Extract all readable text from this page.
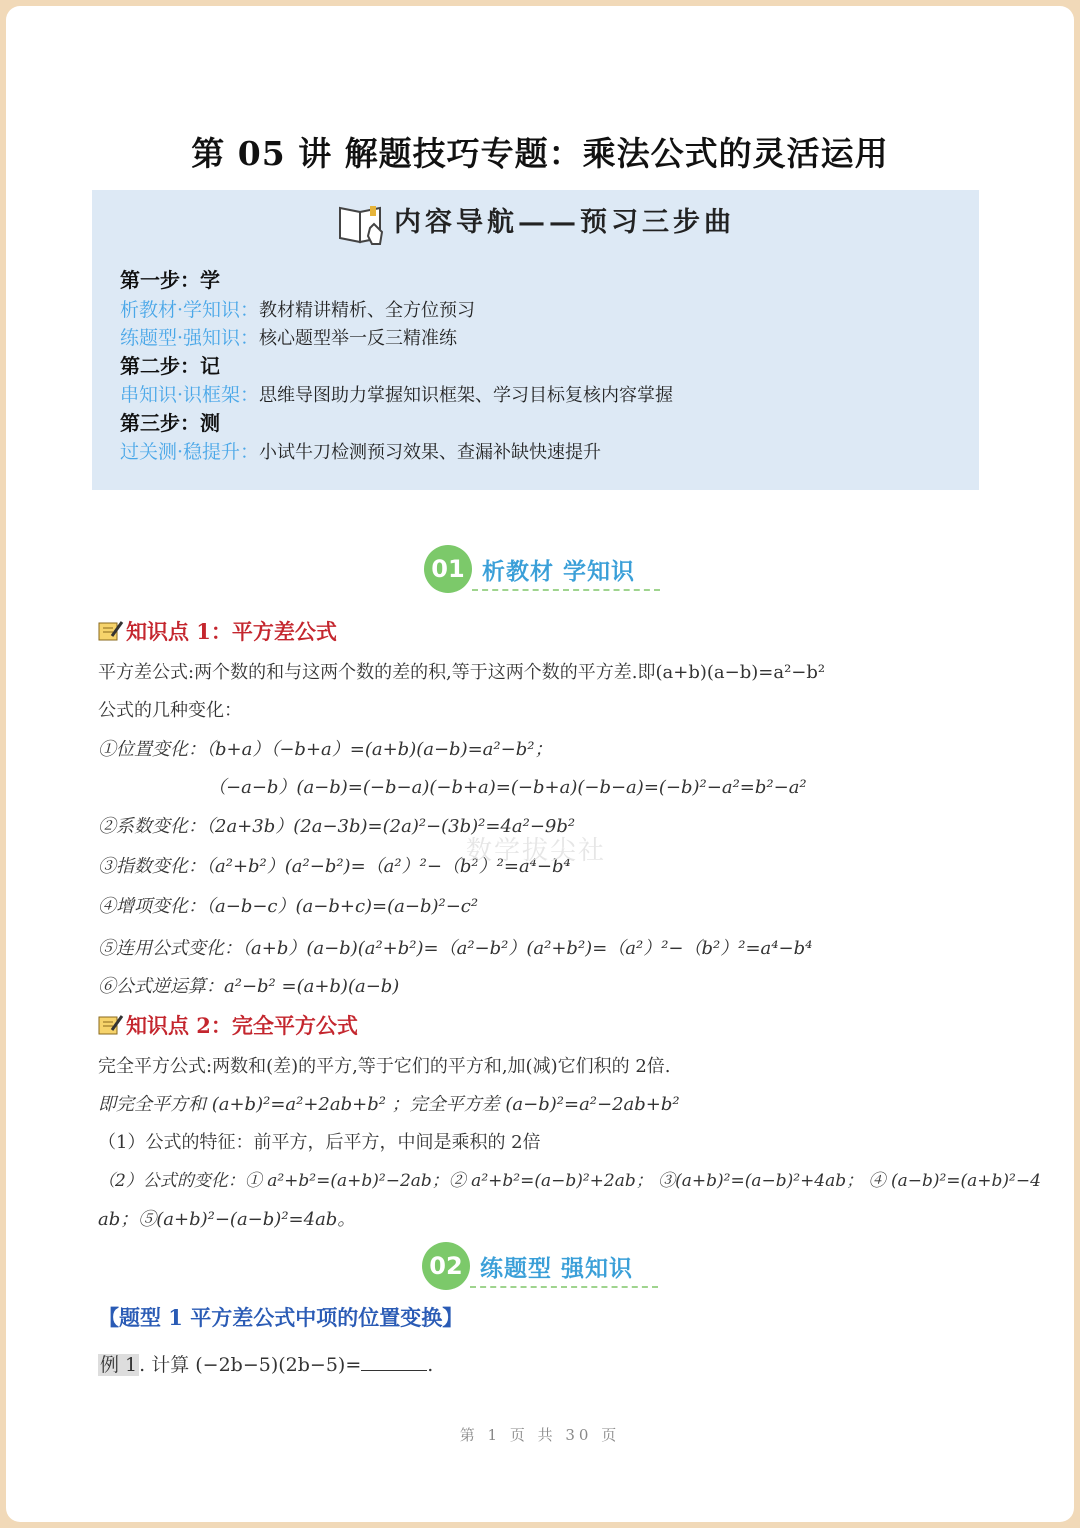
第 05 讲 解题技巧专题：乘法公式的灵活运用
内容导航——预习三步曲
第一步：学
析教材·学知识：教材精讲精析、全方位预习
练题型·强知识：核心题型举一反三精准练
第二步：记
串知识·识框架：思维导图助力掌握知识框架、学习目标复核内容掌握
第三步：测
过关测·稳提升：小试牛刀检测预习效果、查漏补缺快速提升
01 析教材 学知识
知识点 1：平方差公式
平方差公式:两个数的和与这两个数的差的积,等于这两个数的平方差.即(a+b)(a−b)=a²−b²
公式的几种变化：
①位置变化：（b+a）（−b+a）=(a+b)(a−b)=a²−b²；
（−a−b）(a−b)=(−b−a)(−b+a)=(−b+a)(−b−a)=(−b)²−a²=b²−a²
②系数变化：（2a+3b）(2a−3b)=(2a)²−(3b)²=4a²−9b²
③指数变化：（a²+b²）(a²−b²)=（a²）²−（b²）²=a⁴−b⁴
④增项变化：（a−b−c）(a−b+c)=(a−b)²−c²
⑤连用公式变化：（a+b）(a−b)(a²+b²)=（a²−b²）(a²+b²)=（a²）²−（b²）²=a⁴−b⁴
⑥公式逆运算：a²−b² =(a+b)(a−b)
数学拔尖社
知识点 2：完全平方公式
完全平方公式:两数和(差)的平方,等于它们的平方和,加(减)它们积的 2倍.
即完全平方和 (a+b)²=a²+2ab+b² ；完全平方差 (a−b)²=a²−2ab+b²
（1）公式的特征：前平方，后平方，中间是乘积的 2倍
（2）公式的变化：① a²+b²=(a+b)²−2ab；② a²+b²=(a−b)²+2ab； ③(a+b)²=(a−b)²+4ab； ④ (a−b)²=(a+b)²−4
ab；⑤(a+b)²−(a−b)²=4ab。
02 练题型 强知识
【题型 1 平方差公式中项的位置变换】
例 1 . 计算 (−2b−5)(2b−5)=	.
第 1 页 共 30 页
